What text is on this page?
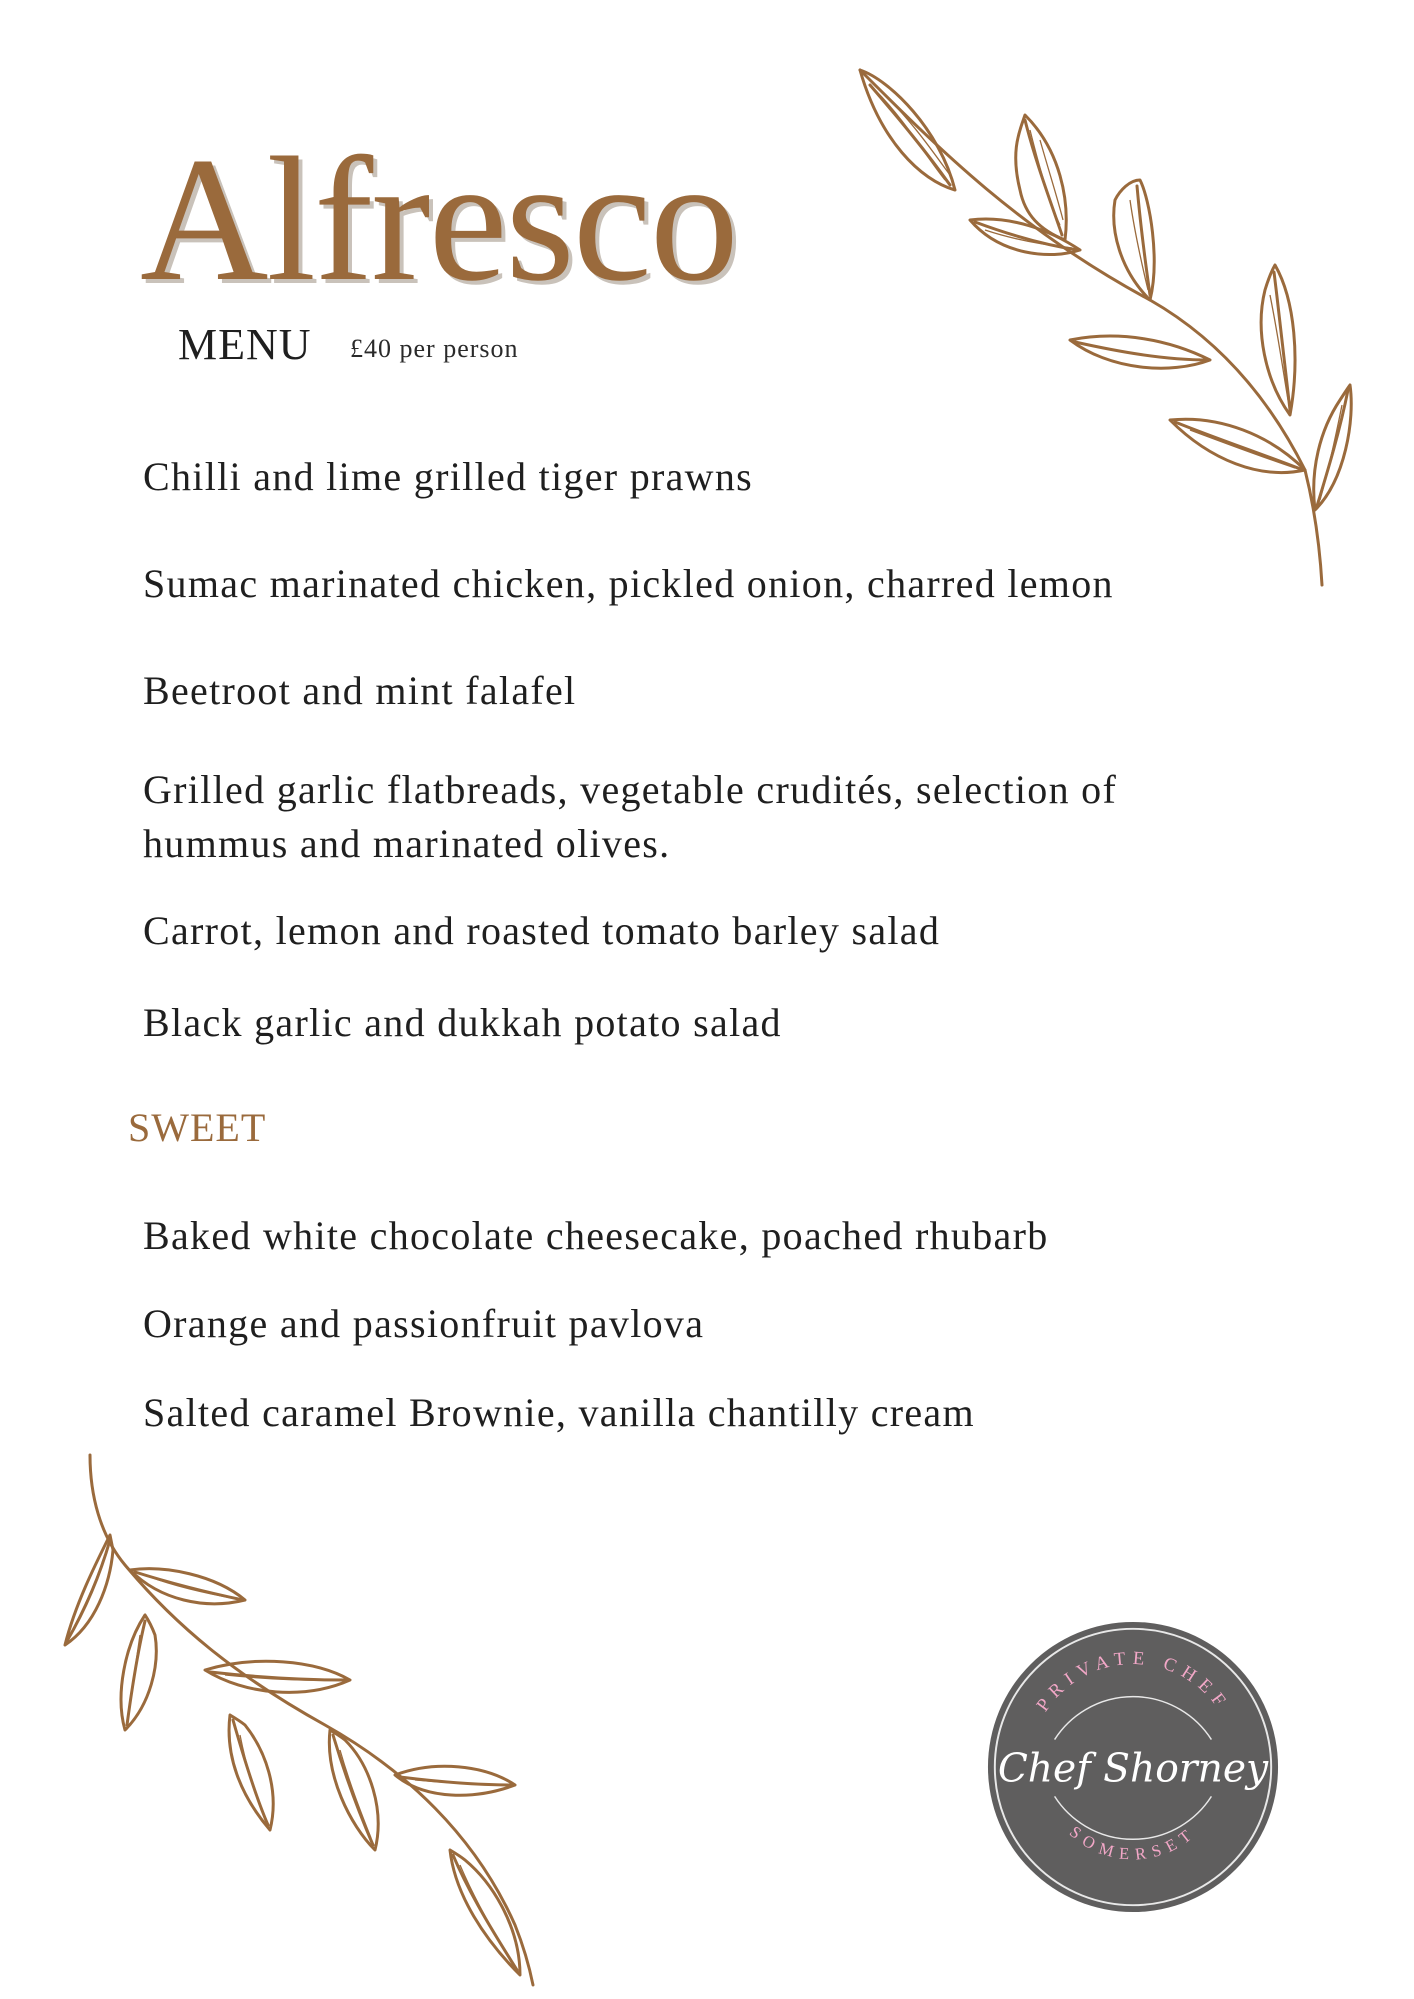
Alfresco
MENU £40 per person
Chilli and lime grilled tiger prawns
Sumac marinated chicken, pickled onion, charred lemon
Beetroot and mint falafel
Grilled garlic flatbreads, vegetable crudités, selection of
hummus and marinated olives.
Carrot, lemon and roasted tomato barley salad
Black garlic and dukkah potato salad
SWEET
Baked white chocolate cheesecake, poached rhubarb
Orange and passionfruit pavlova
Salted caramel Brownie, vanilla chantilly cream
PRIVATE CHEF
Chef Shorney
SOMERSET
